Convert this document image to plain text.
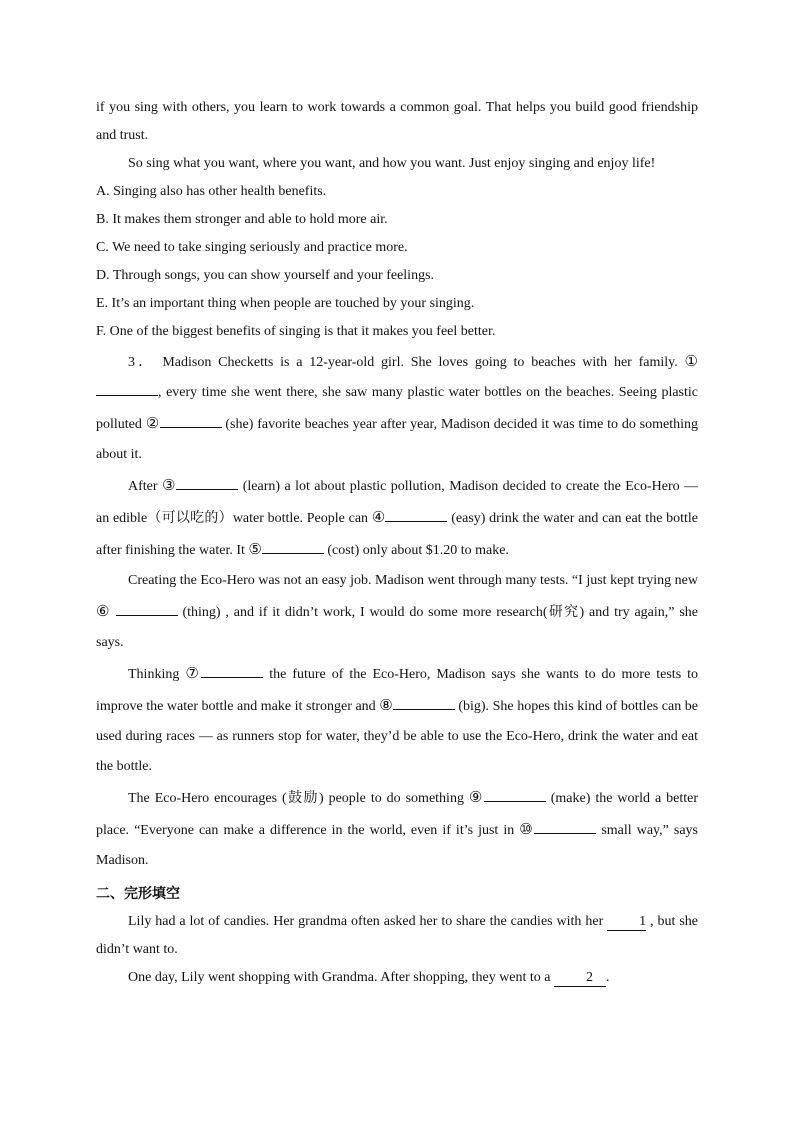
if you sing with others, you learn to work towards a common goal. That helps you build good friendship and trust.

So sing what you want, where you want, and how you want. Just enjoy singing and enjoy life!

A. Singing also has other health benefits.

B. It makes them stronger and able to hold more air.

C. We need to take singing seriously and practice more.

D. Through songs, you can show yourself and your feelings.

E. It’s an important thing when people are touched by your singing.

F. One of the biggest benefits of singing is that it makes you feel better.

3． Madison Checketts is a 12-year-old girl. She loves going to beaches with her family. ①, every time she went there, she saw many plastic water bottles on the beaches. Seeing plastic polluted ②	(she) favorite beaches year after year, Madison decided it was time to do something about it.

After ③	(learn) a lot about plastic pollution, Madison decided to create the Eco-Hero — an edible（可以吃的）water bottle. People can ④	(easy) drink the water and can eat the bottle after finishing the water. It ⑤	(cost) only about $1.20 to make.

Creating the Eco-Hero was not an easy job. Madison went through many tests. “I just kept trying new ⑥	(thing) , and if it didn’t work, I would do some more research(研究) and try again,” she says.

Thinking ⑦	the future of the Eco-Hero, Madison says she wants to do more tests to improve the water bottle and make it stronger and ⑧	(big). She hopes this kind of bottles can be used during races — as runners stop for water, they’d be able to use the Eco-Hero, drink the water and eat the bottle.

The Eco-Hero encourages (鼓励) people to do something ⑨	(make) the world a better place. “Everyone can make a difference in the world, even if it’s just in ⑩	small way,” says Madison.

二、完形填空

Lily had a lot of candies. Her grandma often asked her to share the candies with her	1 , but she didn’t want to.

One day, Lily went shopping with Grandma. After shopping, they went to a	2 .
